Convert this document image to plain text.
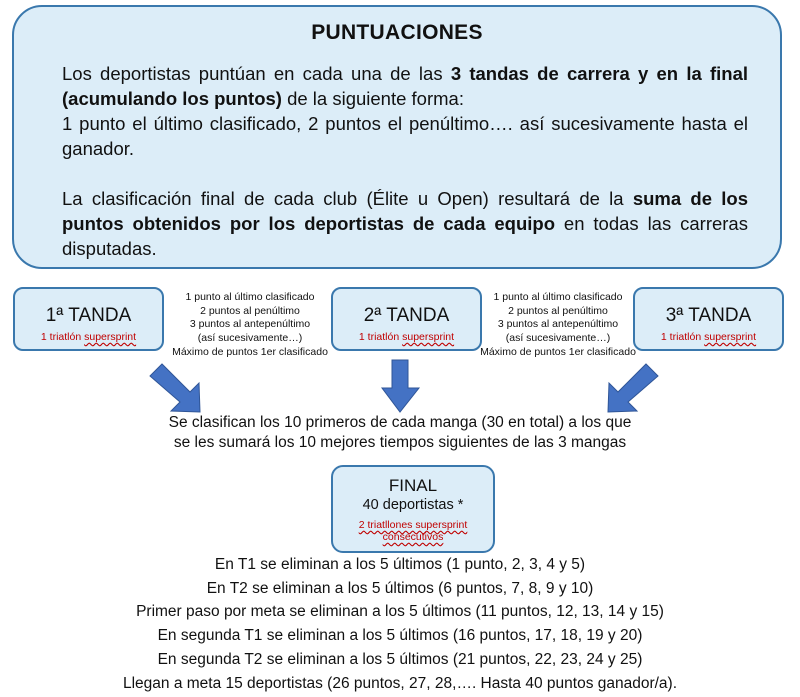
PUNTUACIONES

Los deportistas puntúan en cada una de las 3 tandas de carrera y en la final (acumulando los puntos) de la siguiente forma:
1 punto el último clasificado, 2 puntos el penúltimo…. así sucesivamente hasta el ganador.

La clasificación final de cada club (Élite u Open) resultará de la suma de los puntos obtenidos por los deportistas de cada equipo en todas las carreras disputadas.

1ª TANDA
1 triatlón supersprint
2ª TANDA
1 triatlón supersprint
3ª TANDA
1 triatlón supersprint
1 punto al último clasificado
2 puntos al penúltimo
3 puntos al antepenúltimo
(así sucesivamente…)
Máximo de puntos 1er clasificado
1 punto al último clasificado
2 puntos al penúltimo
3 puntos al antepenúltimo
(así sucesivamente…)
Máximo de puntos 1er clasificado
Se clasifican los 10 primeros de cada manga (30 en total) a los que
se les sumará los 10 mejores tiempos siguientes de las 3 mangas
FINAL
40 deportistas *
2 triatllones supersprint
consecutivos
En T1 se eliminan a los 5 últimos (1 punto, 2, 3, 4 y 5)
En T2 se eliminan a los 5 últimos (6 puntos, 7, 8, 9 y 10)
Primer paso por meta se eliminan a los 5 últimos (11 puntos, 12, 13, 14 y 15)
En segunda T1 se eliminan a los 5 últimos (16 puntos, 17, 18, 19 y 20)
En segunda T2 se eliminan a los 5 últimos (21 puntos, 22, 23, 24 y 25)
Llegan a meta 15 deportistas (26 puntos, 27, 28,…. Hasta 40 puntos ganador/a).
